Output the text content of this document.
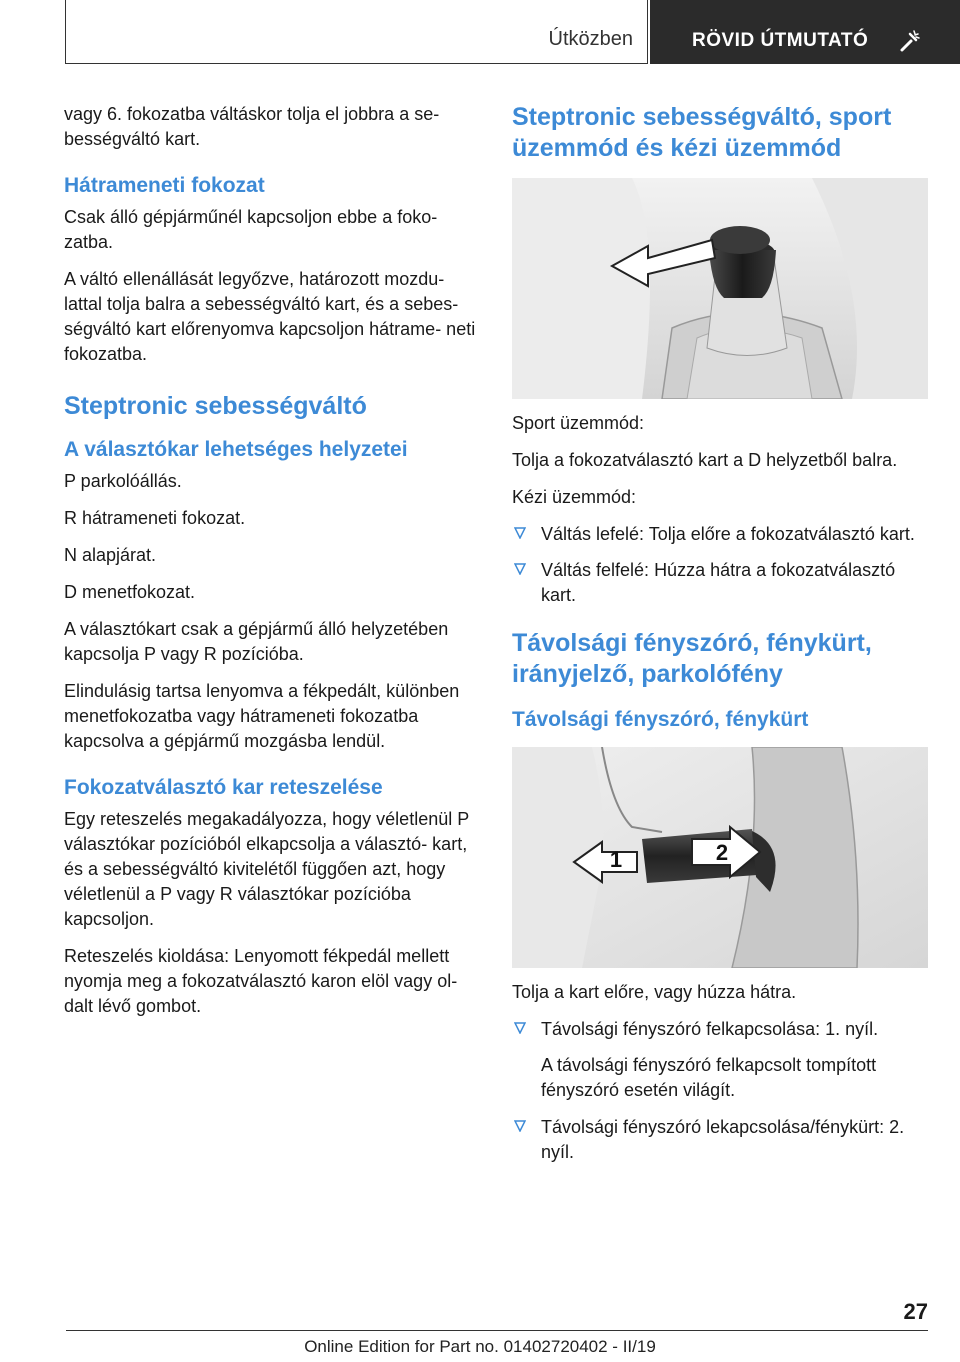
Útközben	RÖVID ÚTMUTATÓ

vagy 6. fokozatba váltáskor tolja el jobbra a se‐ bességváltó kart.

Hátrameneti fokozat

Csak álló gépjárműnél kapcsoljon ebbe a foko‐ zatba.

A váltó ellenállását legyőzve, határozott mozdu‐ lattal tolja balra a sebességváltó kart, és a sebes‐ ségváltó kart előrenyomva kapcsoljon hátrame‐ neti fokozatba.

Steptronic sebességváltó
A választókar lehetséges helyzetei

P parkolóállás.

R hátrameneti fokozat.

N alapjárat.

D menetfokozat.

A választókart csak a gépjármű álló helyzetében kapcsolja P vagy R pozícióba.

Elindulásig tartsa lenyomva a fékpedált, különben menetfokozatba vagy hátrameneti fokozatba kapcsolva a gépjármű mozgásba lendül.

Fokozatválasztó kar reteszelése

Egy reteszelés megakadályozza, hogy véletlenül P választókar pozícióból elkapcsolja a választó‐ kart, és a sebességváltó kivitelétől függően azt, hogy véletlenül a P vagy R választókar pozícióba kapcsoljon.

Reteszelés kioldása: Lenyomott fékpedál mellett nyomja meg a fokozatválasztó karon elöl vagy ol‐ dalt lévő gombot.

Steptronic sebességváltó, sport üzemmód és kézi üzemmód

Sport üzemmód:

Tolja a fokozatválasztó kart a D helyzetből balra.

Kézi üzemmód:

Váltás lefelé: Tolja előre a fokozatválasztó kart.
Váltás felfelé: Húzza hátra a fokozatválasztó kart.
Távolsági fényszóró, fénykürt, irányjelző, parkolófény
Távolsági fényszóró, fénykürt
1	2

Tolja a kart előre, vagy húzza hátra.

Távolsági fényszóró felkapcsolása: 1. nyíl.

A távolsági fényszóró felkapcsolt tompított fényszóró esetén világít.

Távolsági fényszóró lekapcsolása/fénykürt: 2. nyíl.
27
Online Edition for Part no. 01402720402 - II/19
